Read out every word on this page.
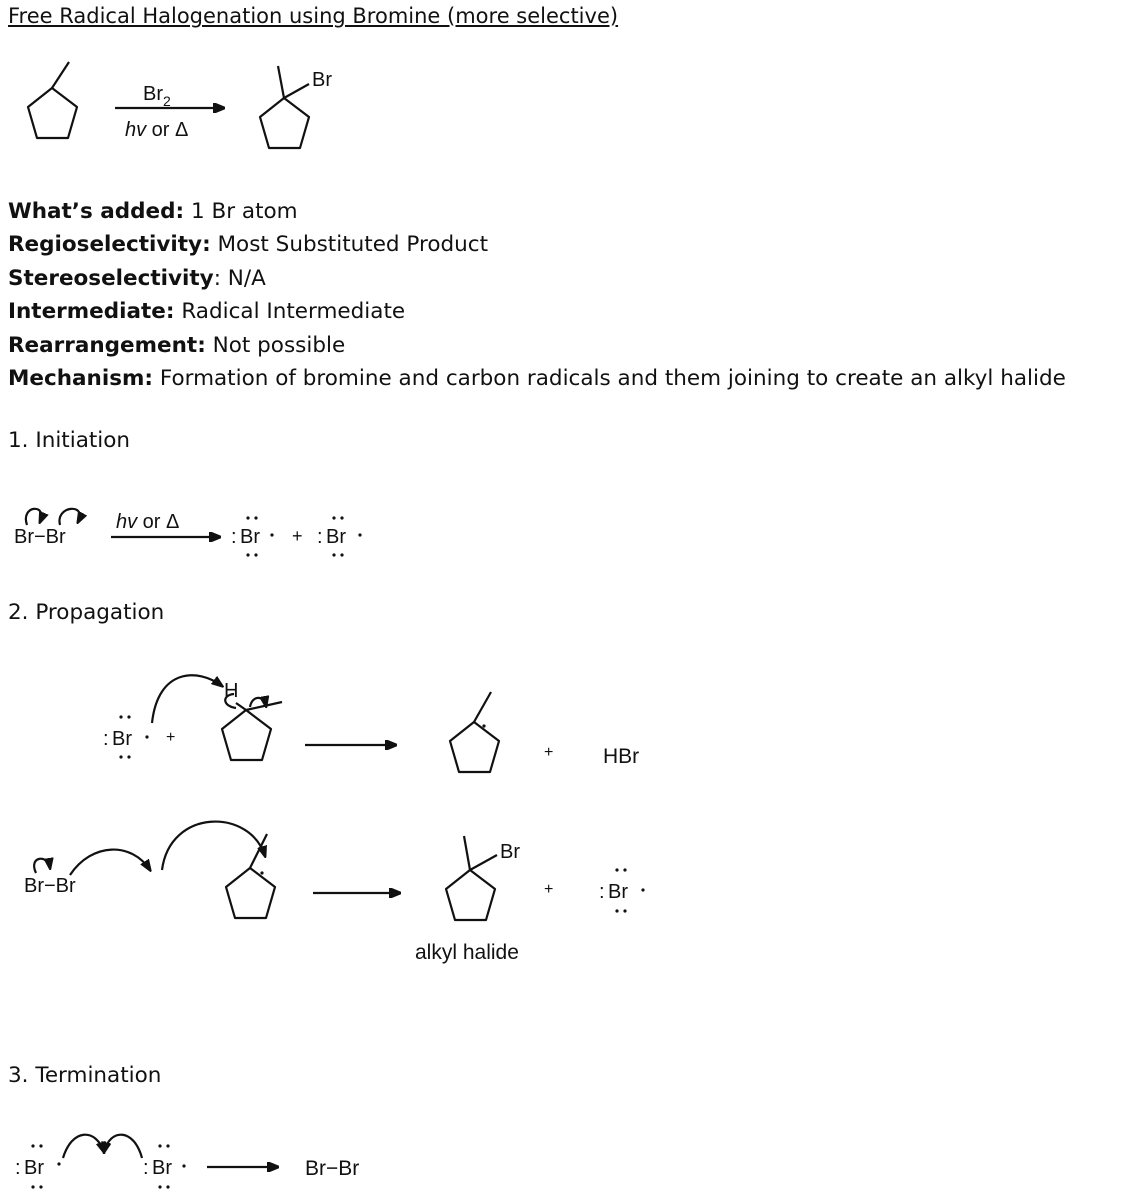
Free Radical Halogenation using Bromine (more selective)
What’s added: 1 Br atom
Regioselectivity: Most Substituted Product
Stereoselectivity: N/A
Intermediate: Radical Intermediate
Rearrangement: Not possible
Mechanism: Formation of bromine and carbon radicals and them joining to create an alkyl halide
1. Initiation
2. Propagation
3. Termination
$Br_2$
hv or Δ
Br
Br−Br
hv or Δ
: Br + : Br
: Br +
H
+ HBr
Br−Br
Br
alkyl halide
+ : Br
: Br	: Br	Br−Br
